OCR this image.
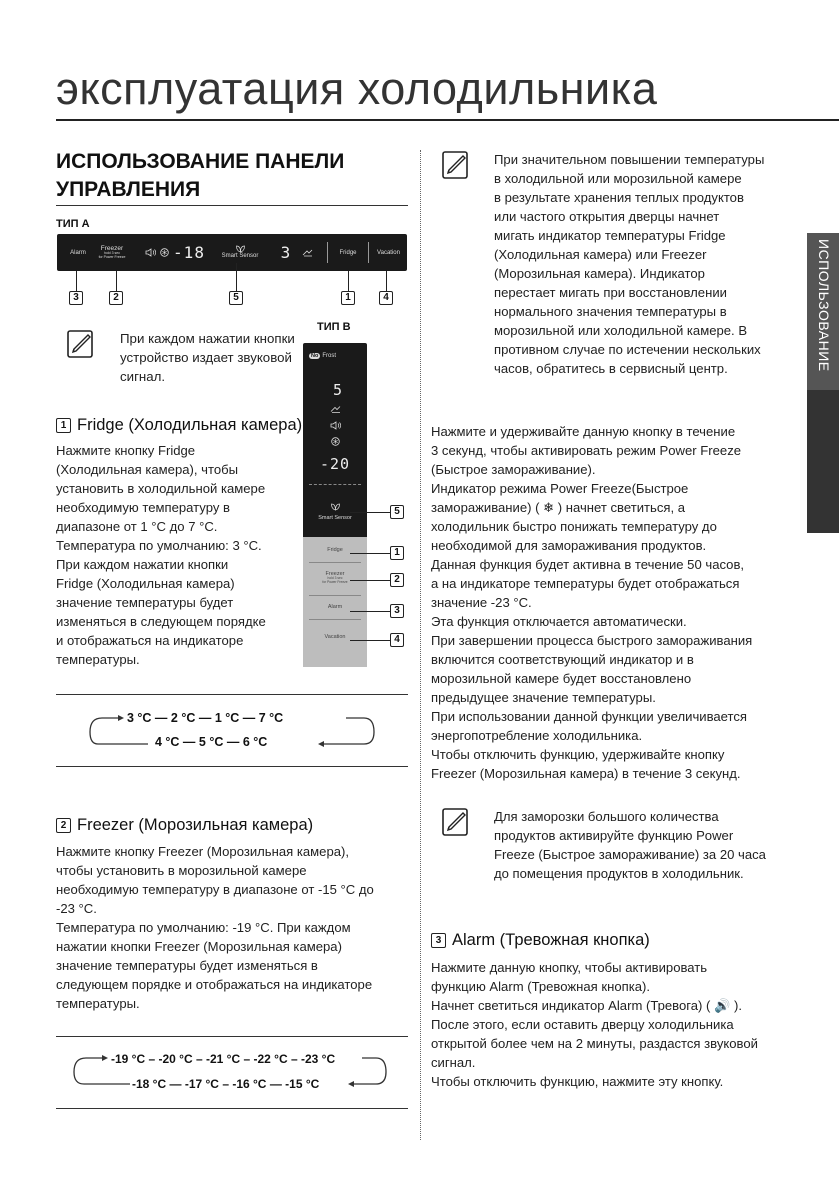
эксплуатация холодильника
ИСПОЛЬЗОВАНИЕ
ИСПОЛЬЗОВАНИЕ ПАНЕЛИ
УПРАВЛЕНИЯ
ТИП A
Alarm
Freezer
hold 3 sec
for Power Freeze	-18	Smart Sensor	3	Fridge	Vacation
3	2	5	1	4
При каждом нажатии кнопки устройство издает звуковой сигнал.
ТИП B
No Frost
5
-20
Smart Sensor
Fridge
Freezer
hold 3 sec
for Power Freeze
Alarm
Vacation
5
1
2
3
4
1 Fridge (Холодильная камера)
Нажмите кнопку Fridge
(Холодильная камера), чтобы
установить в холодильной камере
необходимую температуру в
диапазоне от 1 °C до 7 °C.
Температура по умолчанию: 3 °C.
При каждом нажатии кнопки
Fridge (Холодильная камера)
значение температуры будет
изменяться в следующем порядке
и отображаться на индикаторе
температуры.
3 °C — 2 °C — 1 °C — 7 °C
4 °C — 5 °C — 6 °C
2 Freezer (Морозильная камера)
Нажмите кнопку Freezer (Морозильная камера),
чтобы установить в морозильной камере
необходимую температуру в диапазоне от -15 °C до
-23 °C.
Температура по умолчанию: -19 °C. При каждом
нажатии кнопки Freezer (Морозильная камера)
значение температуры будет изменяться в
следующем порядке и отображаться на индикаторе
температуры.
-19 °C – -20 °C – -21 °C – -22 °C – -23 °C
-18 °C — -17 °C – -16 °C — -15 °C
При значительном повышении температуры
в холодильной или морозильной камере
в результате хранения теплых продуктов
или частого открытия дверцы начнет
мигать индикатор температуры Fridge
(Холодильная камера) или Freezer
(Морозильная камера). Индикатор
перестает мигать при восстановлении
нормального значения температуры в
морозильной или холодильной камере. В
противном случае по истечении нескольких
часов, обратитесь в сервисный центр.
Нажмите и удерживайте данную кнопку в течение
3 секунд, чтобы активировать режим Power Freeze
(Быстрое замораживание).
Индикатор режима Power Freeze(Быстрое
замораживание) ( ❄ ) начнет светиться, а
холодильник быстро понижать температуру до
необходимой для замораживания продуктов.
Данная функция будет активна в течение 50 часов,
а на индикаторе температуры будет отображаться
значение -23 °C.
Эта функция отключается автоматически.
При завершении процесса быстрого замораживания
включится соответствующий индикатор и в
морозильной камере будет восстановлено
предыдущее значение температуры.
При использовании данной функции увеличивается
энергопотребление холодильника.
Чтобы отключить функцию, удерживайте кнопку
Freezer (Морозильная камера) в течение 3 секунд.
Для заморозки большого количества
продуктов активируйте функцию Power
Freeze (Быстрое замораживание) за 20 часа
до помещения продуктов в холодильник.
3 Alarm (Тревожная кнопка)
Нажмите данную кнопку, чтобы активировать
функцию Alarm (Тревожная кнопка).
Начнет светиться индикатор Alarm (Тревога) ( 🔊 ).
После этого, если оставить дверцу холодильника
открытой более чем на 2 минуты, раздастся звуковой
сигнал.
Чтобы отключить функцию, нажмите эту кнопку.
